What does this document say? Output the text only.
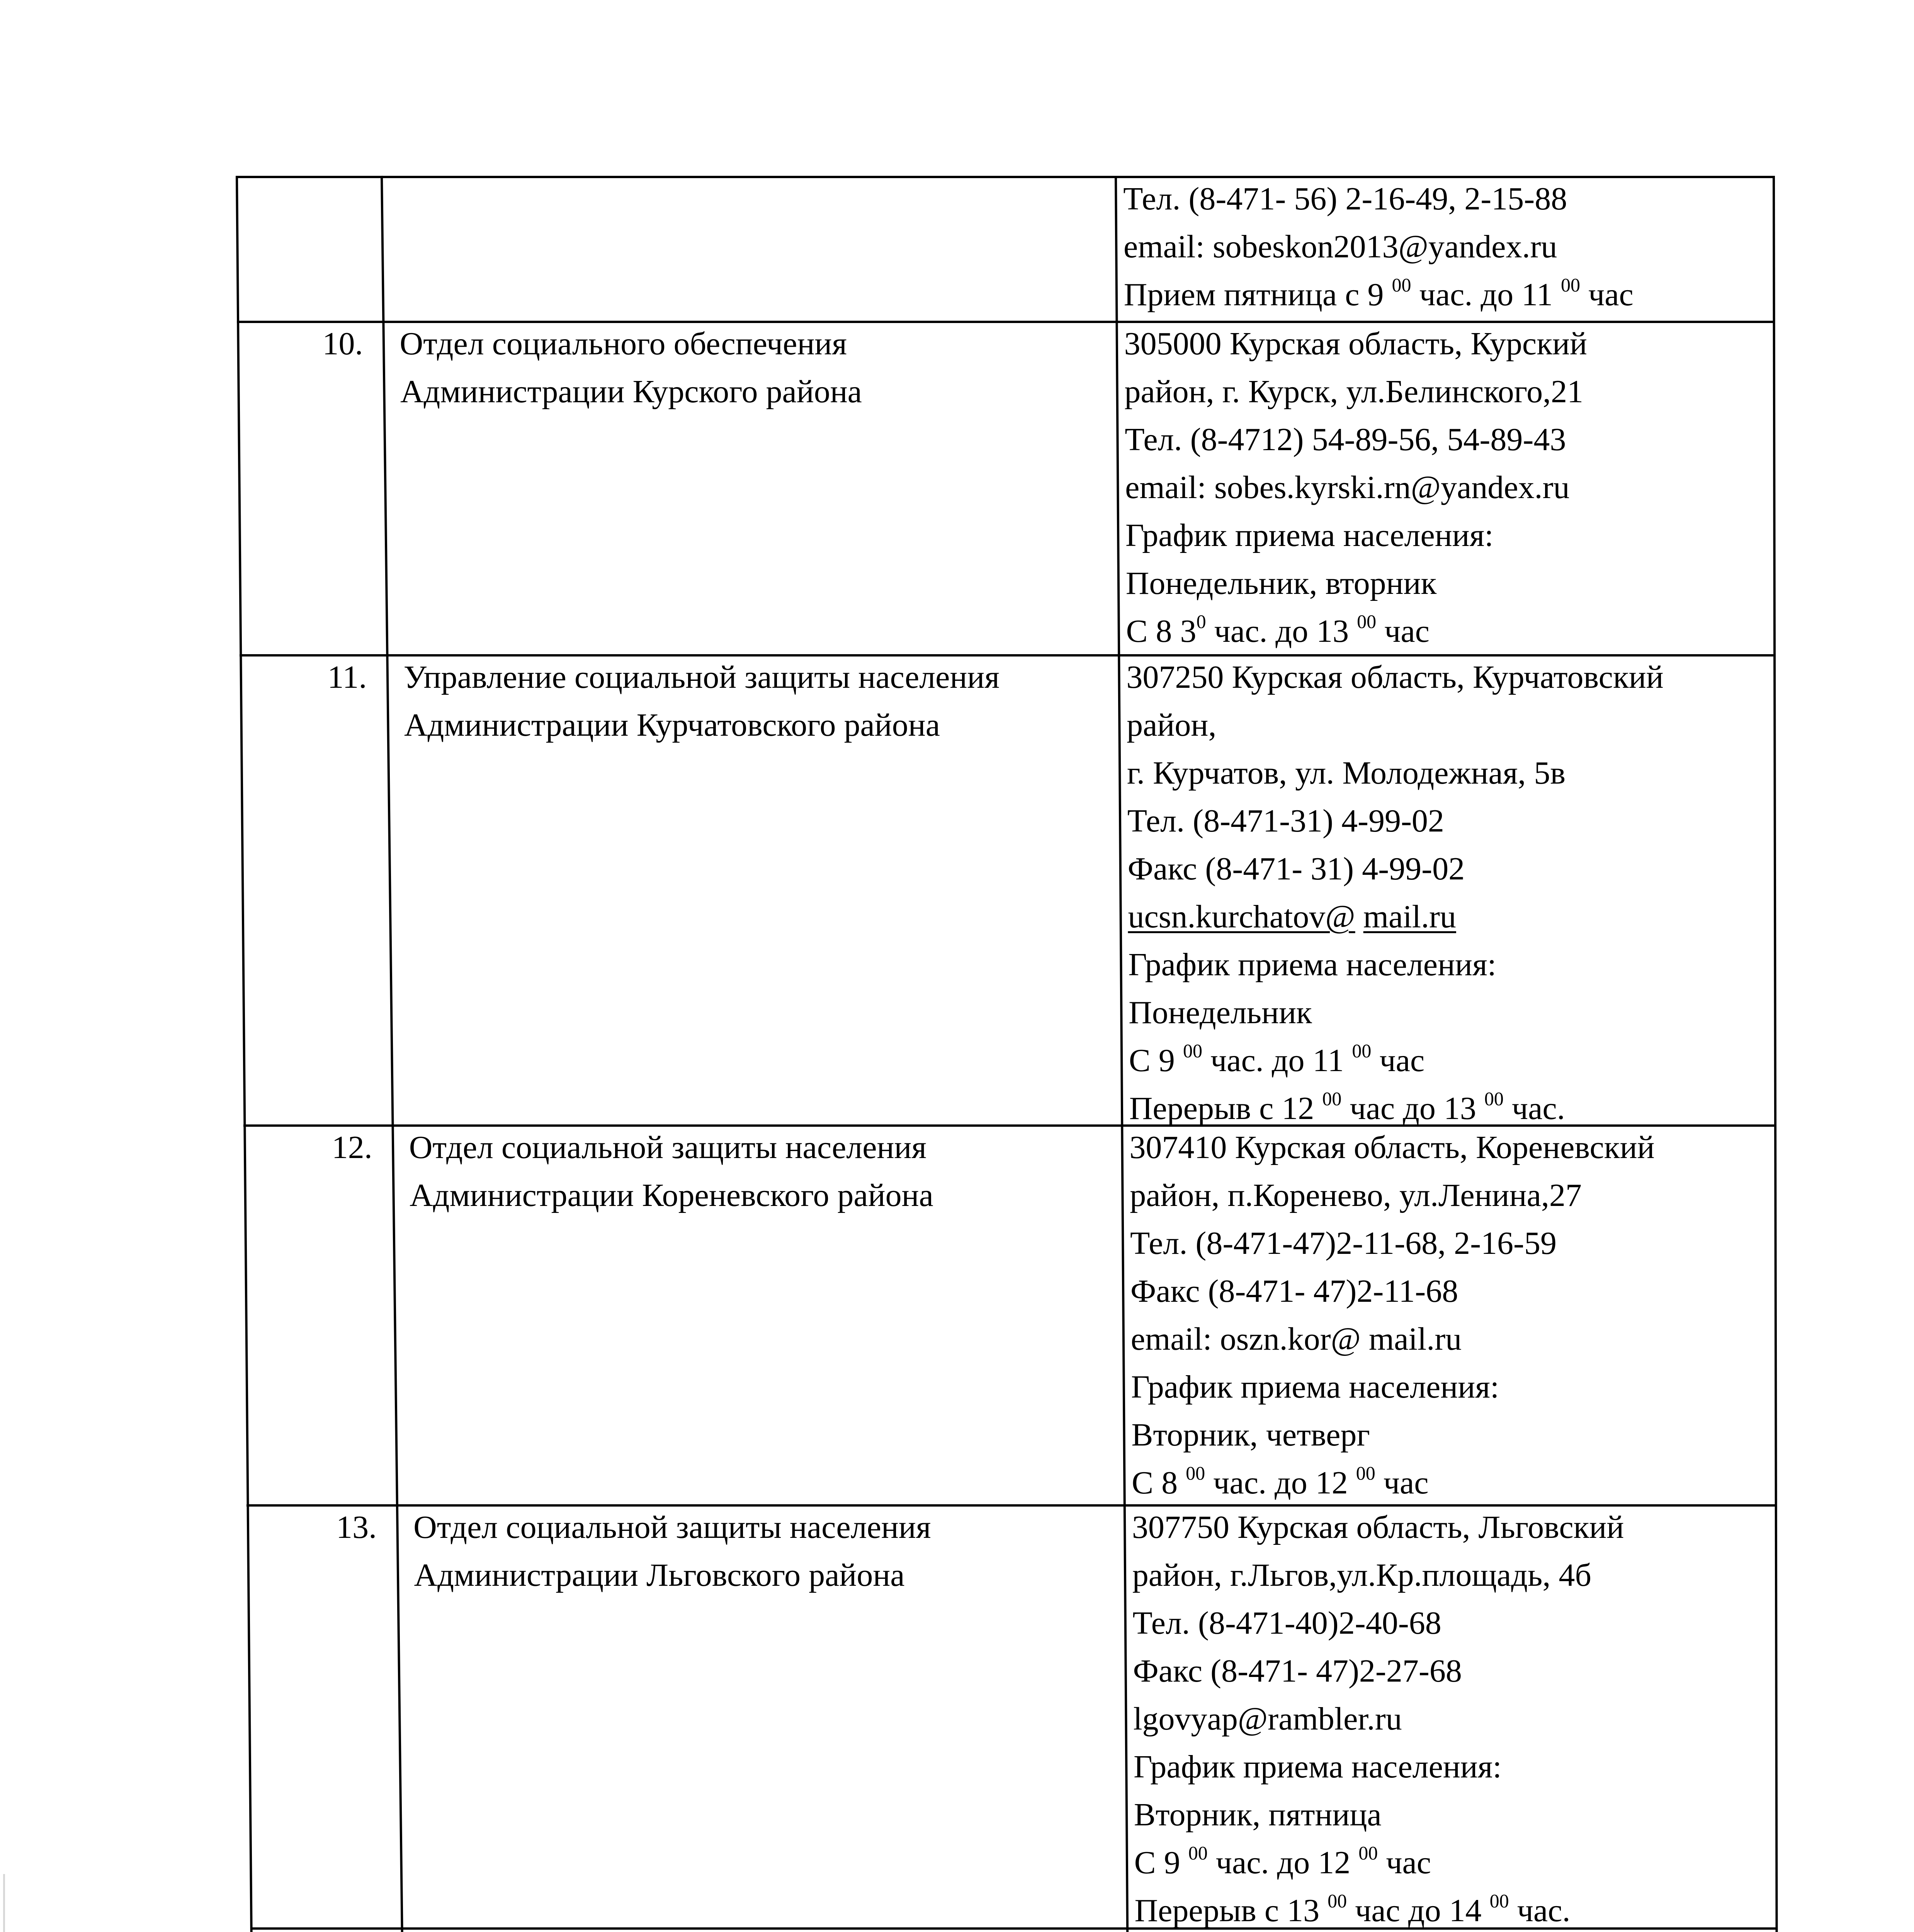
Тел. (8-471- 56) 2-16-49, 2-15-88
email: sobeskon2013@yandex.ru
Прием пятница с 9 $^{00}$ час. до 11 $^{00}$ час
10. Отдел социального обеспечения
Администрации Курского района
305000 Курская область, Курский
район, г. Курск, ул.Белинского,21
Тел. (8-4712) 54-89-56, 54-89-43
email: sobes.kyrski.rn@yandex.ru
График приема населения:
Понедельник, вторник
С 8 $3^0$ час. до 13 $^{00}$ час
11. Управление социальной защиты населения
Администрации Курчатовского района
307250 Курская область, Курчатовский
район,
г. Курчатов, ул. Молодежная, 5в
Тел. (8-471-31) 4-99-02
Факс (8-471- 31) 4-99-02
ucsn.kurchatov@ mail.ru
График приема населения:
Понедельник
С 9 $^{00}$ час. до 11 $^{00}$ час
Перерыв с 12 $^{00}$ час до 13 $^{00}$ час.
12. Отдел социальной защиты населения
Администрации Кореневского района
307410 Курская область, Кореневский
район, п.Коренево, ул.Ленина,27
Тел. (8-471-47)2-11-68, 2-16-59
Факс (8-471- 47)2-11-68
email: oszn.kor@ mail.ru
График приема населения:
Вторник, четверг
С 8 $^{00}$ час. до 12 $^{00}$ час
13. Отдел социальной защиты населения
Администрации Льговского района
307750 Курская область, Льговский
район, г.Льгов,ул.Кр.площадь, 4б
Тел. (8-471-40)2-40-68
Факс (8-471- 47)2-27-68
lgovyap@rambler.ru
График приема населения:
Вторник, пятница
С 9 $^{00}$ час. до 12 $^{00}$ час
Перерыв с 13 $^{00}$ час до 14 $^{00}$ час.
